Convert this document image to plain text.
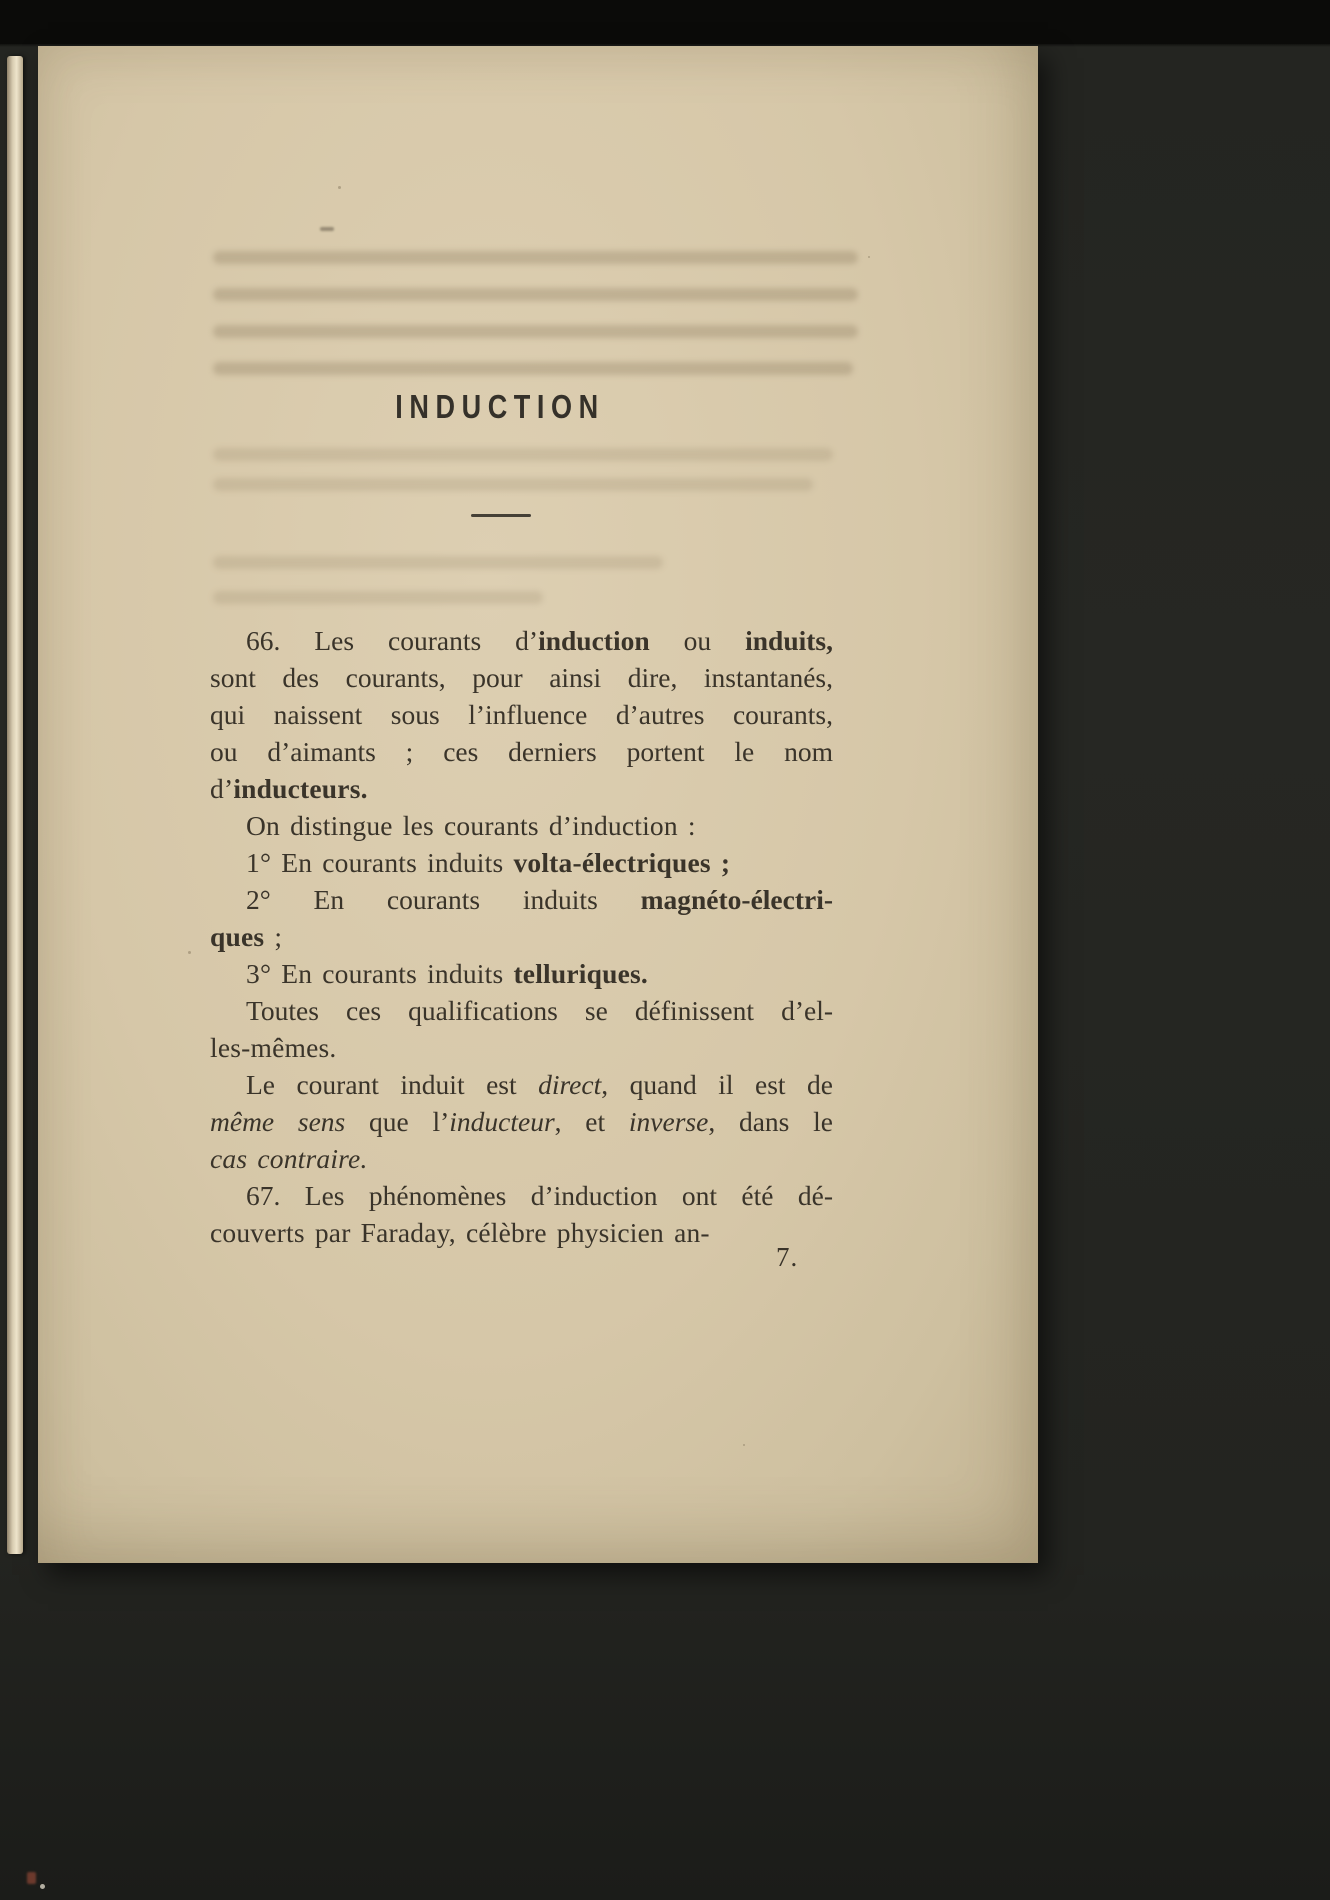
INDUCTION
66. Les courants d’induction ou induits,
sont des courants, pour ainsi dire, instantanés,
qui naissent sous l’influence d’autres courants,
ou d’aimants ; ces derniers portent le nom
d’inducteurs.
On distingue les courants d’induction :
1° En courants induits volta-électriques ;
2° En courants induits magnéto-électri-
ques ;
3° En courants induits telluriques.
Toutes ces qualifications se définissent d’el-
les-mêmes.
Le courant induit est direct, quand il est de
même sens que l’inducteur, et inverse, dans le
cas contraire.
67. Les phénomènes d’induction ont été dé-
couverts par Faraday, célèbre physicien an-
7.
